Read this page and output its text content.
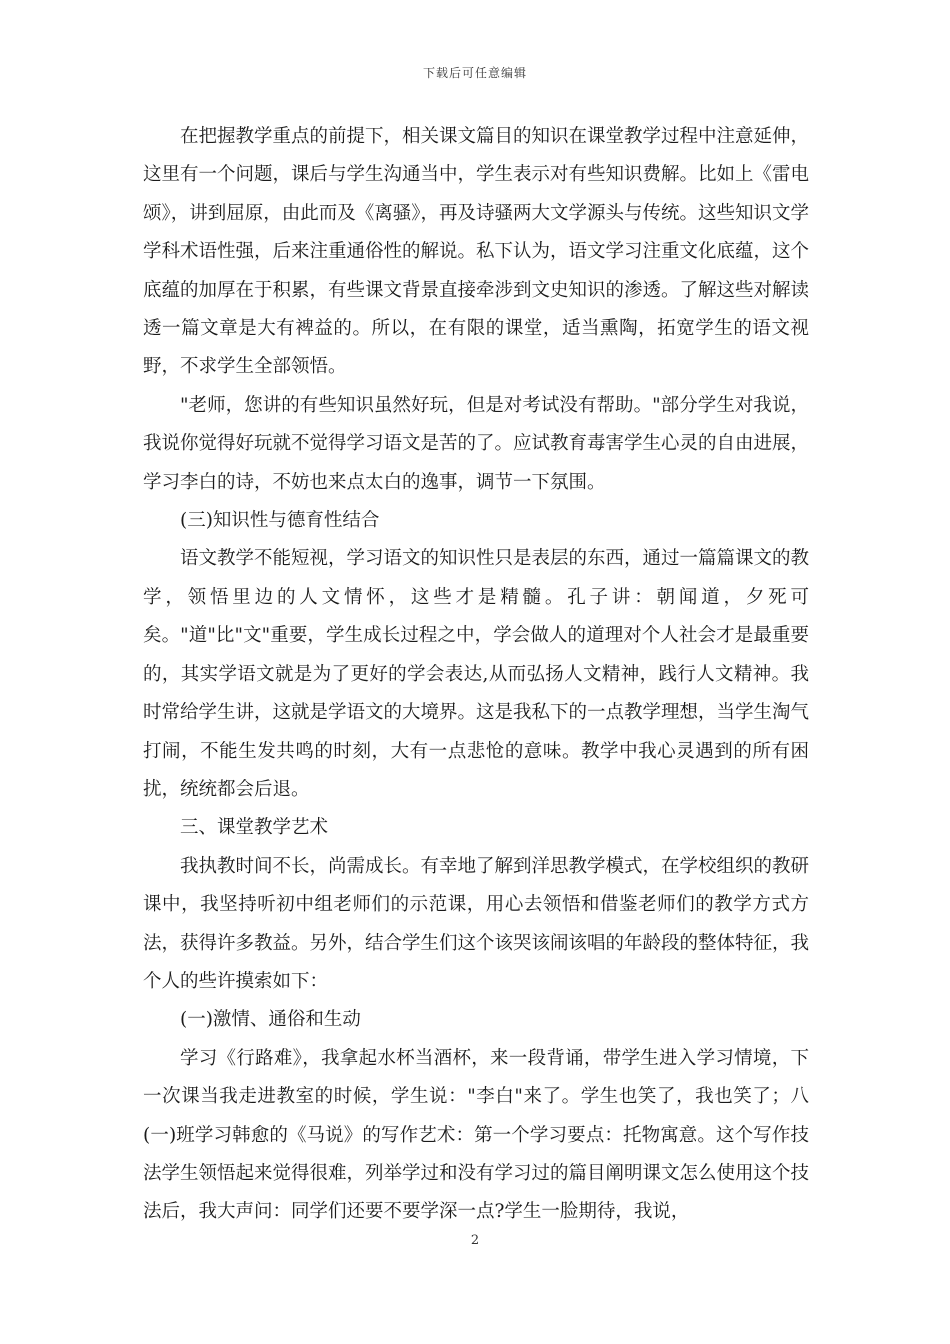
下载后可任意编辑

在把握教学重点的前提下，相关课文篇目的知识在课堂教学过程中注意延伸，这里有一个问题，课后与学生沟通当中，学生表示对有些知识费解。比如上《雷电颂》，讲到屈原，由此而及《离骚》，再及诗骚两大文学源头与传统。这些知识文学学科术语性强，后来注重通俗性的解说。私下认为，语文学习注重文化底蕴，这个底蕴的加厚在于积累，有些课文背景直接牵涉到文史知识的渗透。了解这些对解读透一篇文章是大有裨益的。所以，在有限的课堂，适当熏陶，拓宽学生的语文视野，不求学生全部领悟。

"老师，您讲的有些知识虽然好玩，但是对考试没有帮助。"部分学生对我说，我说你觉得好玩就不觉得学习语文是苦的了。应试教育毒害学生心灵的自由进展，学习李白的诗，不妨也来点太白的逸事，调节一下氛围。

(三)知识性与德育性结合

语文教学不能短视，学习语文的知识性只是表层的东西，通过一篇篇课文的教学，领悟里边的人文情怀，这些才是精髓。孔子讲：朝闻道，夕死可矣。"道"比"文"重要，学生成长过程之中，学会做人的道理对个人社会才是最重要的，其实学语文就是为了更好的学会表达,从而弘扬人文精神，践行人文精神。我时常给学生讲，这就是学语文的大境界。这是我私下的一点教学理想，当学生淘气打闹，不能生发共鸣的时刻，大有一点悲怆的意味。教学中我心灵遇到的所有困扰，统统都会后退。

三、课堂教学艺术

我执教时间不长，尚需成长。有幸地了解到洋思教学模式，在学校组织的教研课中，我坚持听初中组老师们的示范课，用心去领悟和借鉴老师们的教学方式方法，获得许多教益。另外，结合学生们这个该哭该闹该唱的年龄段的整体特征，我个人的些许摸索如下：

(一)激情、通俗和生动

学习《行路难》，我拿起水杯当酒杯，来一段背诵，带学生进入学习情境，下一次课当我走进教室的时候，学生说："李白"来了。学生也笑了，我也笑了；八(一)班学习韩愈的《马说》的写作艺术：第一个学习要点：托物寓意。这个写作技法学生领悟起来觉得很难，列举学过和没有学习过的篇目阐明课文怎么使用这个技法后，我大声问：同学们还要不要学深一点?学生一脸期待，我说，

2
